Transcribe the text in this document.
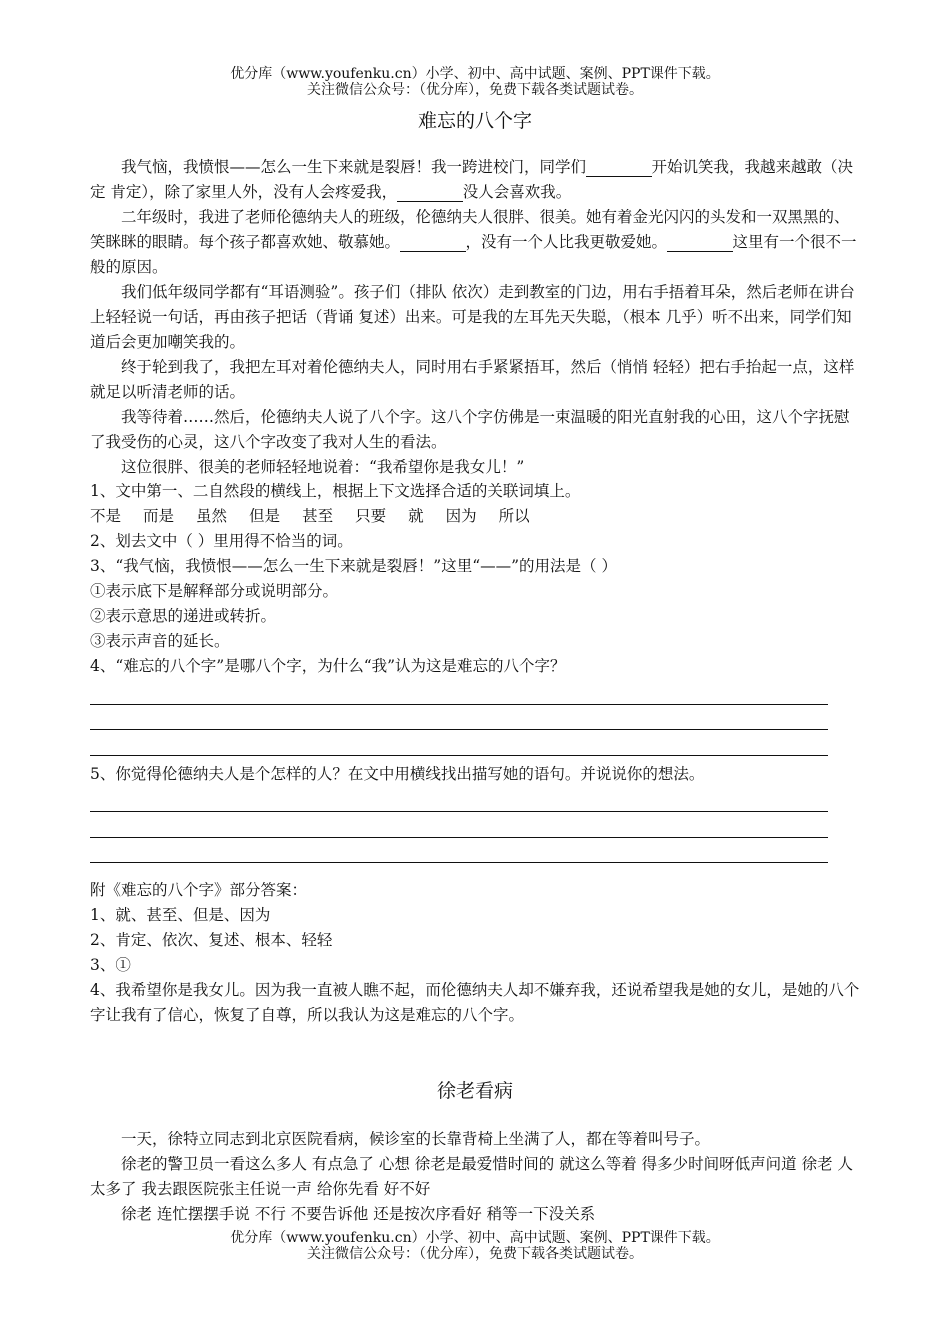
优分库（www.youfenku.cn）小学、初中、高中试题、案例、PPT课件下载。
关注微信公众号：（优分库），免费下载各类试题试卷。
难忘的八个字

我气恼，我愤恨——怎么一生下来就是裂唇！我一跨进校门，同学们	开始讥笑我，我越来越敢（决定 肯定），除了家里人外，没有人会疼爱我，	没人会喜欢我。

二年级时，我进了老师伦德纳夫人的班级，伦德纳夫人很胖、很美。她有着金光闪闪的头发和一双黑黑的、笑眯眯的眼睛。每个孩子都喜欢她、敬慕她。	，没有一个人比我更敬爱她。	这里有一个很不一般的原因。

我们低年级同学都有“耳语测验”。孩子们（排队 依次）走到教室的门边，用右手捂着耳朵，然后老师在讲台上轻轻说一句话，再由孩子把话（背诵 复述）出来。可是我的左耳先天失聪，（根本 几乎）听不出来，同学们知道后会更加嘲笑我的。

终于轮到我了，我把左耳对着伦德纳夫人，同时用右手紧紧捂耳，然后（悄悄 轻轻）把右手抬起一点，这样就足以听清老师的话。

我等待着……然后，伦德纳夫人说了八个字。这八个字仿佛是一束温暖的阳光直射我的心田，这八个字抚慰了我受伤的心灵，这八个字改变了我对人生的看法。

这位很胖、很美的老师轻轻地说着：“我希望你是我女儿！”

1、文中第一、二自然段的横线上，根据上下文选择合适的关联词填上。

不是 而是 虽然 但是 甚至 只要 就 因为 所以

2、划去文中（ ）里用得不恰当的词。

3、“我气恼，我愤恨——怎么一生下来就是裂唇！”这里“——”的用法是（ ）

①表示底下是解释部分或说明部分。

②表示意思的递进或转折。

③表示声音的延长。

4、“难忘的八个字”是哪八个字，为什么“我”认为这是难忘的八个字？

5、你觉得伦德纳夫人是个怎样的人？在文中用横线找出描写她的语句。并说说你的想法。

附《难忘的八个字》部分答案：

1、就、甚至、但是、因为

2、肯定、依次、复述、根本、轻轻

3、①

4、我希望你是我女儿。因为我一直被人瞧不起，而伦德纳夫人却不嫌弃我，还说希望我是她的女儿，是她的八个字让我有了信心，恢复了自尊，所以我认为这是难忘的八个字。

徐老看病

一天，徐特立同志到北京医院看病，候诊室的长靠背椅上坐满了人，都在等着叫号子。

徐老的警卫员一看这么多人 有点急了 心想 徐老是最爱惜时间的 就这么等着 得多少时间呀低声问道 徐老 人太多了 我去跟医院张主任说一声 给你先看 好不好

徐老 连忙摆摆手说 不行 不要告诉他 还是按次序看好 稍等一下没关系

优分库（www.youfenku.cn）小学、初中、高中试题、案例、PPT课件下载。
关注微信公众号：（优分库），免费下载各类试题试卷。
